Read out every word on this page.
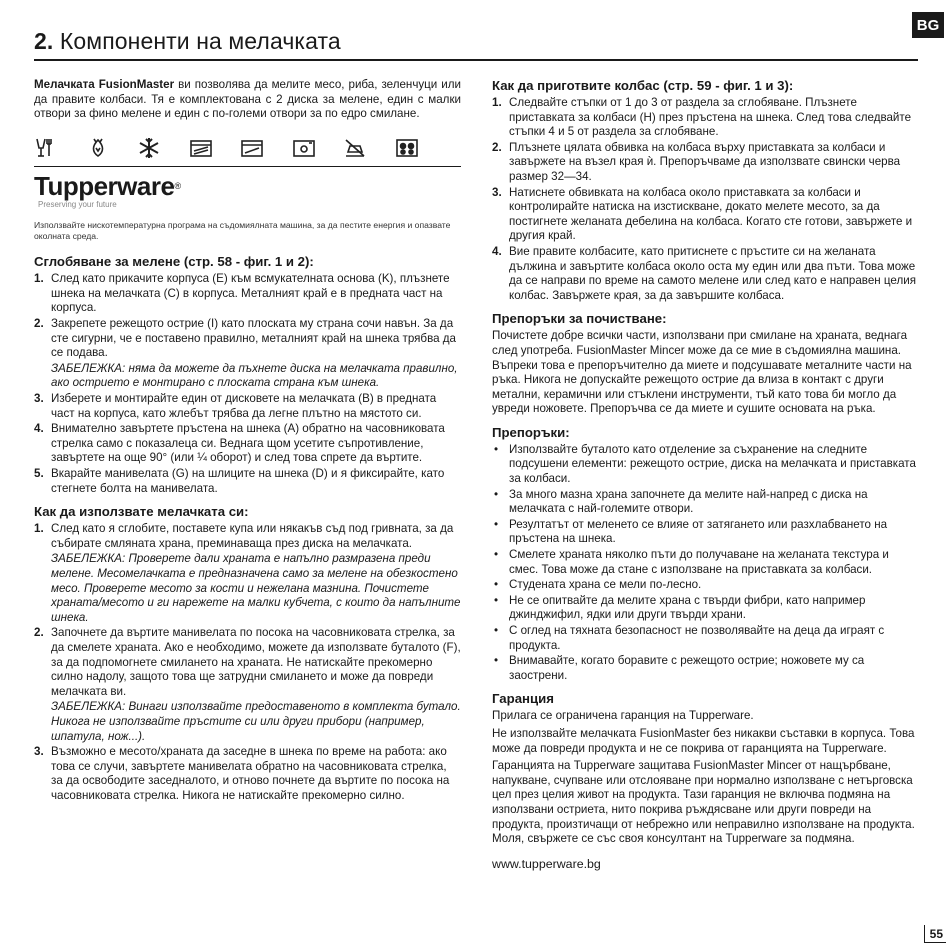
BG
2. Компоненти на мелачката

Мелачката FusionMaster ви позволява да мелите месо, риба, зеленчуци или да правите колбаси. Тя е комплектована с 2 диска за мелене, един с малки отвори за фино мелене и един с по-големи отвори за по едро смилане.

Tupperware®

Preserving your future

Използвайте нискотемпературна програма на съдомиялната машина, за да пестите енергия и опазвате околната среда.

Сглобяване за мелене (стр. 58 - фиг. 1 и 2):
1. След като прикачите корпуса (E) към всмукателната основа (K), плъзнете шнека на мелачката (C) в корпуса. Металният край е в предната част на корпуса.
2. Закрепете режещото острие (I) като плоската му страна сочи навън. За да сте сигурни, че е поставено правилно, металният край на шнека трябва да се подава.
ЗАБЕЛЕЖКА: няма да можете да пъхнете диска на мелачката правилно, ако острието е монтирано с плоската страна към шнека.
3. Изберете и монтирайте един от дисковете на мелачката (B) в предната част на корпуса, като жлебът трябва да легне плътно на мястото си.
4. Внимателно завъртете пръстена на шнека (A) обратно на часовниковата стрелка само с показалеца си. Веднага щом усетите съпротивление, завъртете на още 90° (или ¼ оборот) и след това спрете да въртите.
5. Вкарайте манивелата (G) на шлиците на шнека (D) и я фиксирайте, като стегнете болта на манивелата.
Как да използвате мелачката си:
1. След като я сглобите, поставете купа или някакъв съд под гривната, за да събирате смляната храна, преминаваща през диска на мелачката.
ЗАБЕЛЕЖКА: Проверете дали храната е напълно размразена преди мелене. Месомелачката е предназначена само за мелене на обезкостено месо. Проверете месото за кости и нежелана мазнина. Почистете храната/месото и ги нарежете на малки кубчета, с които да напълните шнека.
2. Започнете да въртите манивелата по посока на часовниковата стрелка, за да смелете храната. Ако е необходимо, можете да използвате буталото (F), за да подпомогнете смилането на храната. Не натискайте прекомерно силно надолу, защото това ще затрудни смилането и може да повреди мелачката ви.
ЗАБЕЛЕЖКА: Винаги използвайте предоставеното в комплекта бутало. Никога не използвайте пръстите си или други прибори (например, шпатула, нож...).
3. Възможно е месото/храната да заседне в шнека по време на работа: ако това се случи, завъртете манивелата обратно на часовниковата стрелка, за да освободите заседналото, и отново почнете да въртите по посока на часовниковата стрелка. Никога не натискайте прекомерно силно.
Как да приготвите колбас (стр. 59 - фиг. 1 и 3):
1. Следвайте стъпки от 1 до 3 от раздела за сглобяване. Плъзнете приставката за колбаси (H) през пръстена на шнека. След това следвайте стъпки 4 и 5 от раздела за сглобяване.
2. Плъзнете цялата обвивка на колбаса върху приставката за колбаси и завържете на възел края ѝ. Препоръчваме да използвате свински черва размер 32—34.
3. Натиснете обвивката на колбаса около приставката за колбаси и контролирайте натиска на изстискване, докато мелете месото, за да постигнете желаната дебелина на колбаса. Когато сте готови, завържете и другия край.
4. Вие правите колбасите, като притиснете с пръстите си на желаната дължина и завъртите колбаса около оста му един или два пъти. Това може да се направи по време на самото мелене или след като е направен целия колбас. Завържете края, за да завършите колбаса.
Препоръки за почистване:

Почистете добре всички части, използвани при смилане на храната, веднага след употреба. FusionMaster Mincer може да се мие в съдомиялна машина. Въпреки това е препоръчително да миете и подсушавате металните части на ръка. Никога не допускайте режещото острие да влиза в контакт с други метални, керамични или стъклени инструменти, тъй като това би могло да увреди ножовете. Препоръчва се да миете и сушите основата на ръка.

Препоръки:
• Използвайте буталото като отделение за съхранение на следните подсушени елементи: режещото острие, диска на мелачката и приставката за колбаси.
• За много мазна храна започнете да мелите най-напред с диска на мелачката с най-големите отвори.
• Резултатът от меленето се влияе от затягането или разхлабването на пръстена на шнека.
• Смелете храната няколко пъти до получаване на желаната текстура и смес. Това може да стане с използване на приставката за колбаси.
• Студената храна се мели по-лесно.
• Не се опитвайте да мелите храна с твърди фибри, като например джинджифил, ядки или други твърди храни.
• С оглед на тяхната безопасност не позволявайте на деца да играят с продукта.
• Внимавайте, когато боравите с режещото острие; ножовете му са заострени.
Гаранция

Прилага се ограничена гаранция на Tupperware.

Не използвайте мелачката FusionMaster без никакви съставки в корпуса. Това може да повреди продукта и не се покрива от гаранцията на Tupperware.

Гаранцията на Tupperware защитава FusionMaster Mincer от нащърбване, напукване, счупване или отслояване при нормално използване с нетърговска цел през целия живот на продукта. Тази гаранция не включва подмяна на използвани остриета, нито покрива ръждясване или други повреди на продукта, произтичащи от небрежно или неправилно използване на продукта. Моля, свържете се със своя консултант на Tupperware за подмяна.

www.tupperware.bg
55
